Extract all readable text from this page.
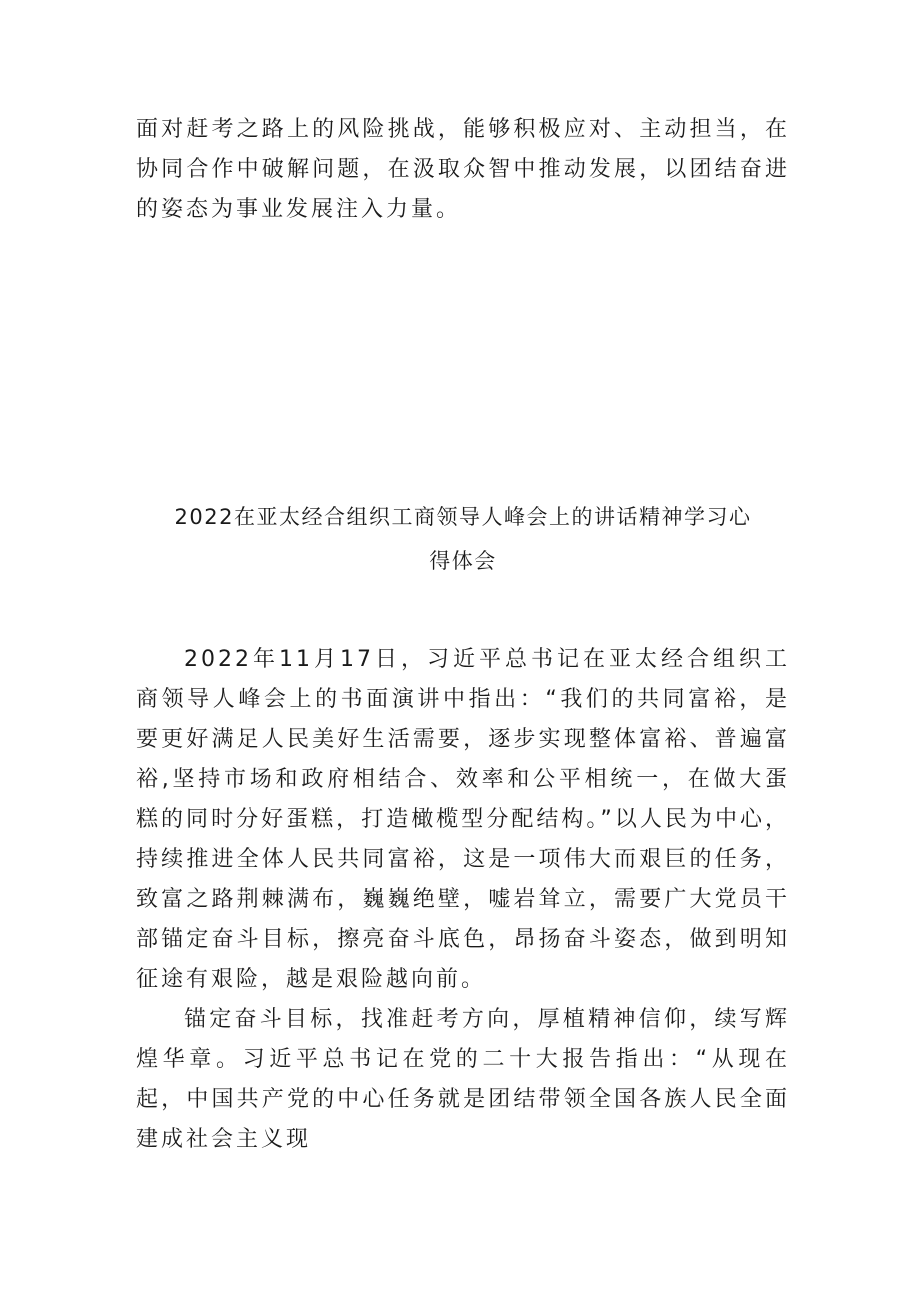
面对赶考之路上的风险挑战，能够积极应对、主动担当，在协同合作中破解问题，在汲取众智中推动发展，以团结奋进的姿态为事业发展注入力量。

2022在亚太经合组织工商领导人峰会上的讲话精神学习心
得体会

2022年11月17日，习近平总书记在亚太经合组织工商领导人峰会上的书面演讲中指出：“我们的共同富裕，是要更好满足人民美好生活需要，逐步实现整体富裕、普遍富裕,坚持市场和政府相结合、效率和公平相统一，在做大蛋糕的同时分好蛋糕，打造橄榄型分配结构。”以人民为中心，持续推进全体人民共同富裕，这是一项伟大而艰巨的任务，致富之路荆棘满布，巍巍绝壁，嘘岩耸立，需要广大党员干部锚定奋斗目标，擦亮奋斗底色，昂扬奋斗姿态，做到明知征途有艰险，越是艰险越向前。

锚定奋斗目标，找准赶考方向，厚植精神信仰，续写辉煌华章。习近平总书记在党的二十大报告指出：“从现在起，中国共产党的中心任务就是团结带领全国各族人民全面建成社会主义现
